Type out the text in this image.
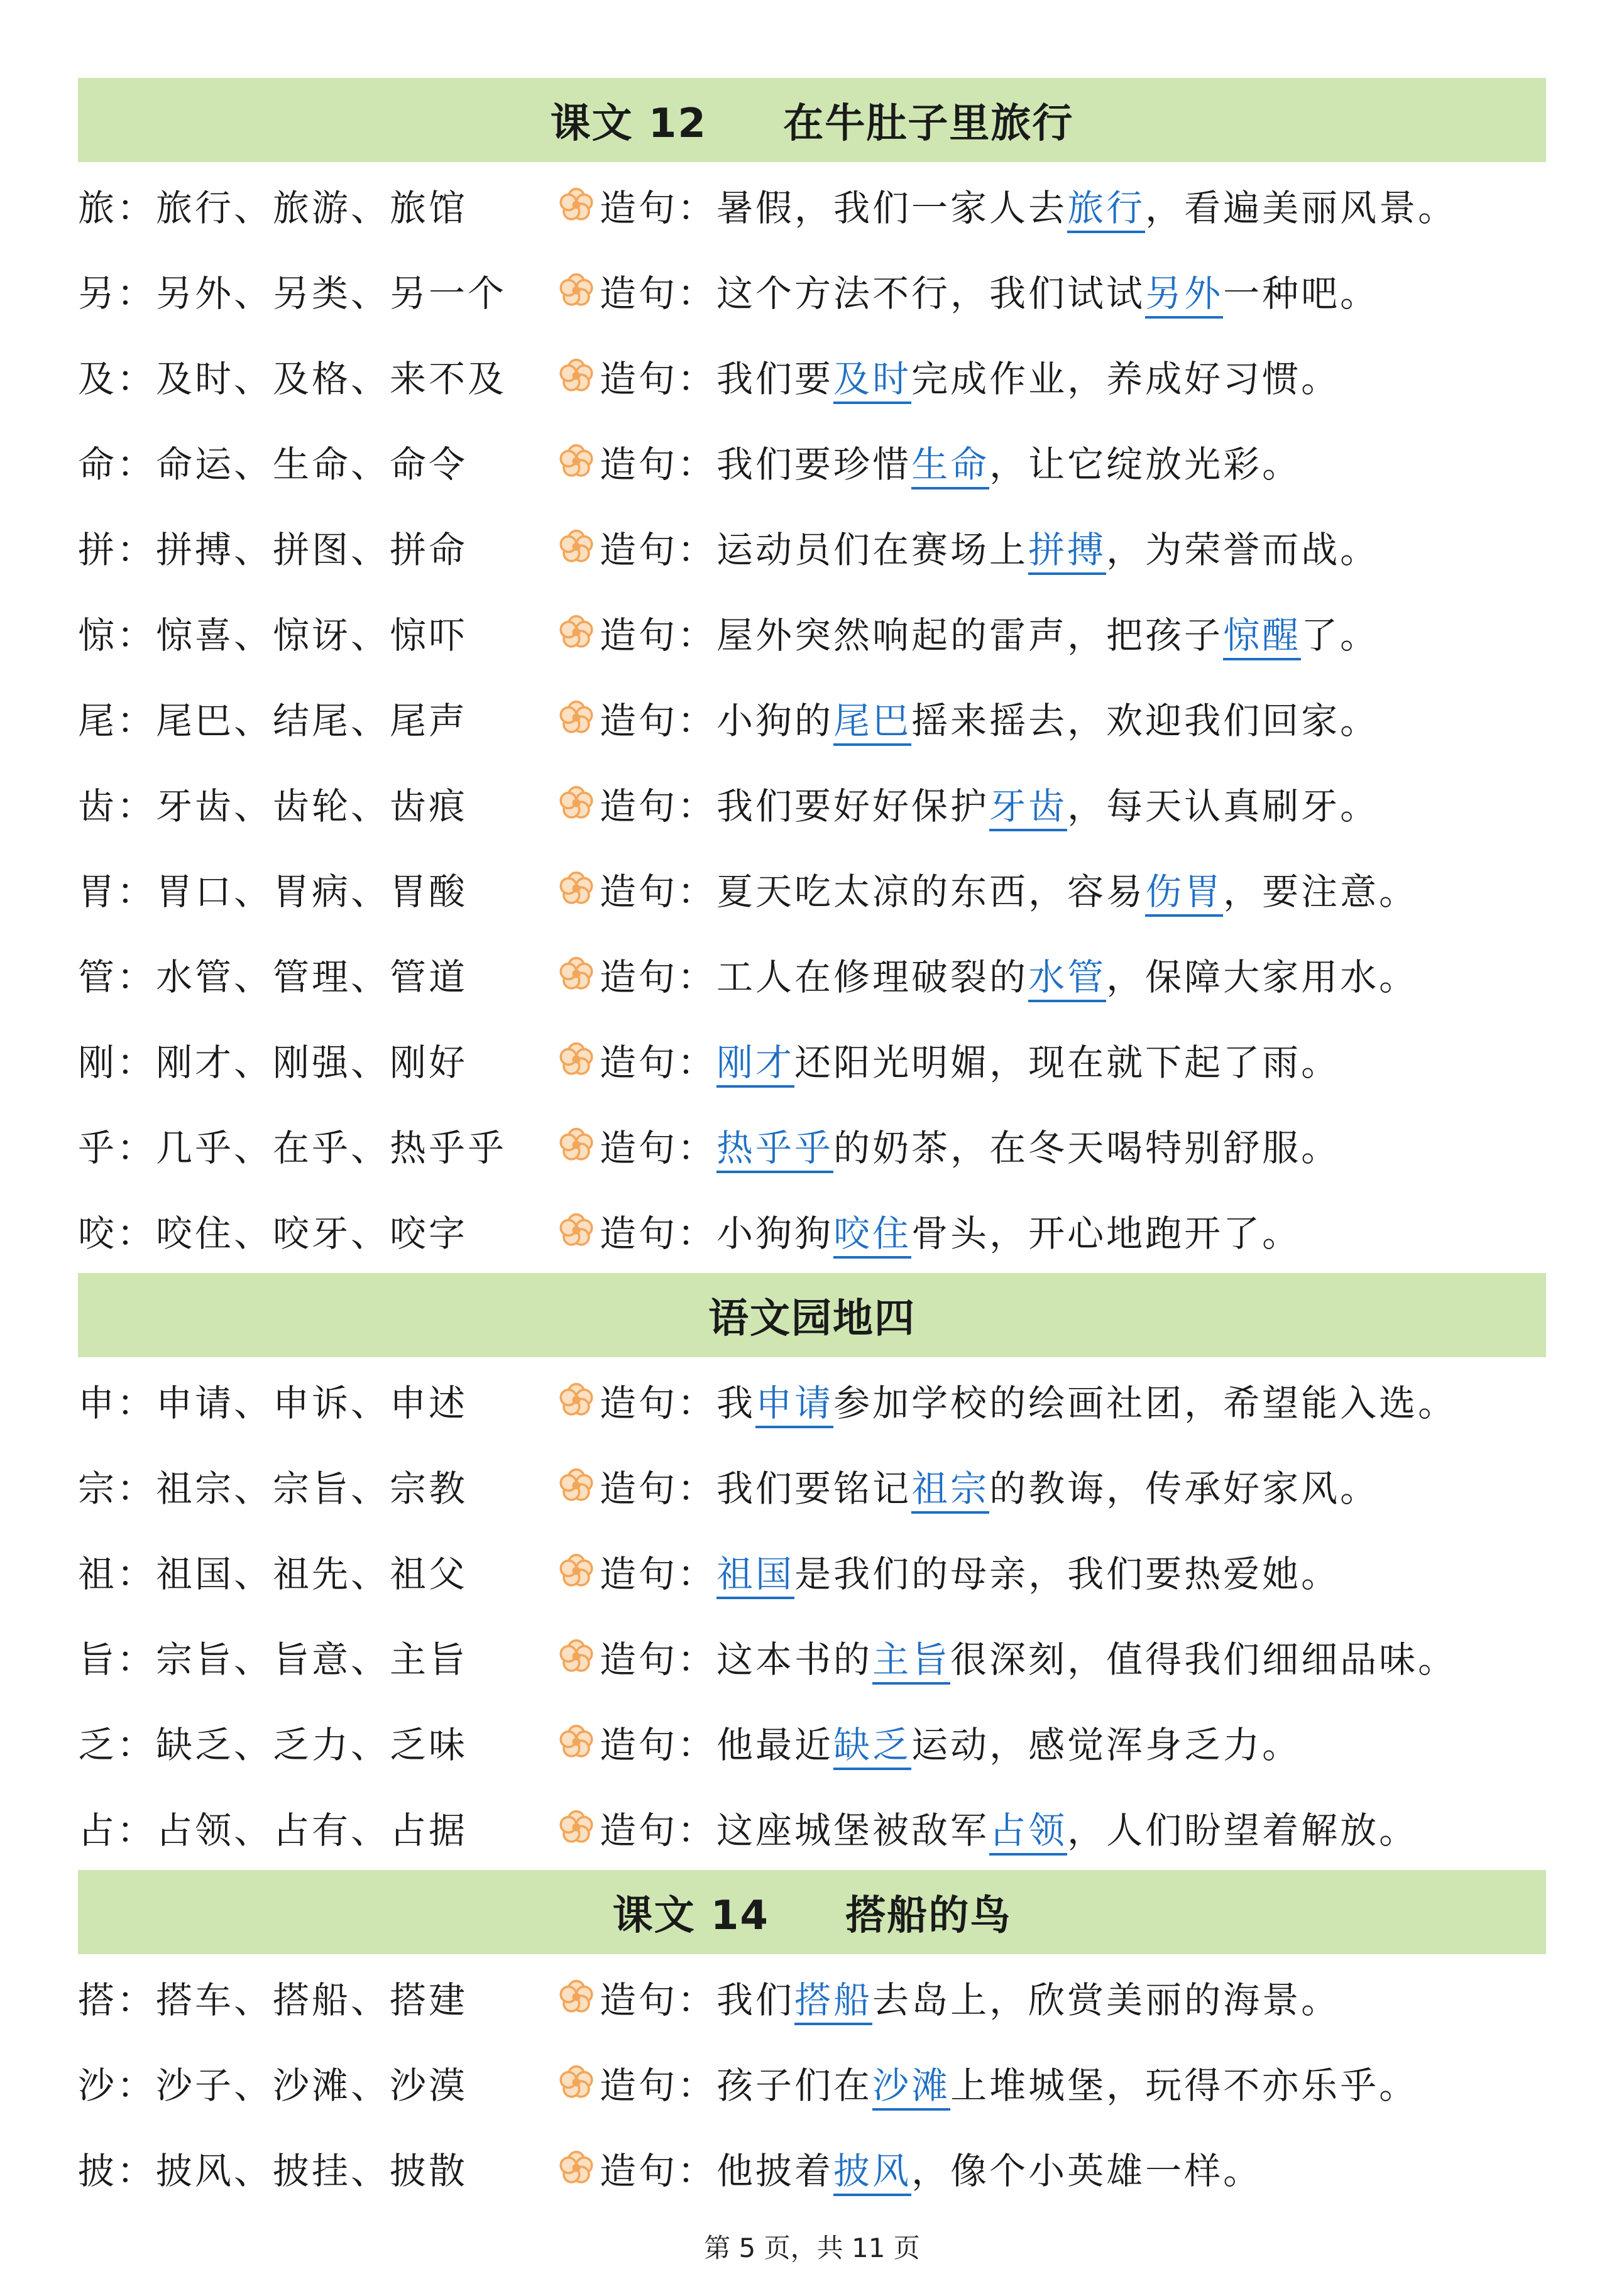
课文 12     在牛肚子里旅行
旅 ： 旅行、旅游、旅馆	造句： 暑假，我们一家人去旅行，看遍美丽风景。
另 ： 另外、另类、另一个	造句： 这个方法不行，我们试试另外一种吧。
及 ： 及时、及格、来不及	造句： 我们要及时完成作业，养成好习惯。
命 ： 命运、生命、命令	造句： 我们要珍惜生命，让它绽放光彩。
拼 ： 拼搏、拼图、拼命	造句： 运动员们在赛场上拼搏，为荣誉而战。
惊 ： 惊喜、惊讶、惊吓	造句： 屋外突然响起的雷声，把孩子惊醒了。
尾 ： 尾巴、结尾、尾声	造句： 小狗的尾巴摇来摇去，欢迎我们回家。
齿 ： 牙齿、齿轮、齿痕	造句： 我们要好好保护牙齿，每天认真刷牙。
胃 ： 胃口、胃病、胃酸	造句： 夏天吃太凉的东西，容易伤胃，要注意。
管 ： 水管、管理、管道	造句： 工人在修理破裂的水管，保障大家用水。
刚 ： 刚才、刚强、刚好	造句： 刚才还阳光明媚，现在就下起了雨。
乎 ： 几乎、在乎、热乎乎	造句： 热乎乎的奶茶，在冬天喝特别舒服。
咬 ： 咬住、咬牙、咬字	造句： 小狗狗咬住骨头，开心地跑开了。
语文园地四
申 ： 申请、申诉、申述	造句： 我申请参加学校的绘画社团，希望能入选。
宗 ： 祖宗、宗旨、宗教	造句： 我们要铭记祖宗的教诲，传承好家风。
祖 ： 祖国、祖先、祖父	造句： 祖国是我们的母亲，我们要热爱她。
旨 ： 宗旨、旨意、主旨	造句： 这本书的主旨很深刻，值得我们细细品味。
乏 ： 缺乏、乏力、乏味	造句： 他最近缺乏运动，感觉浑身乏力。
占 ： 占领、占有、占据	造句： 这座城堡被敌军占领，人们盼望着解放。
课文 14     搭船的鸟
搭 ： 搭车、搭船、搭建	造句： 我们搭船去岛上，欣赏美丽的海景。
沙 ： 沙子、沙滩、沙漠	造句： 孩子们在沙滩上堆城堡，玩得不亦乐乎。
披 ： 披风、披挂、披散	造句： 他披着披风，像个小英雄一样。
第 5 页，共 11 页
